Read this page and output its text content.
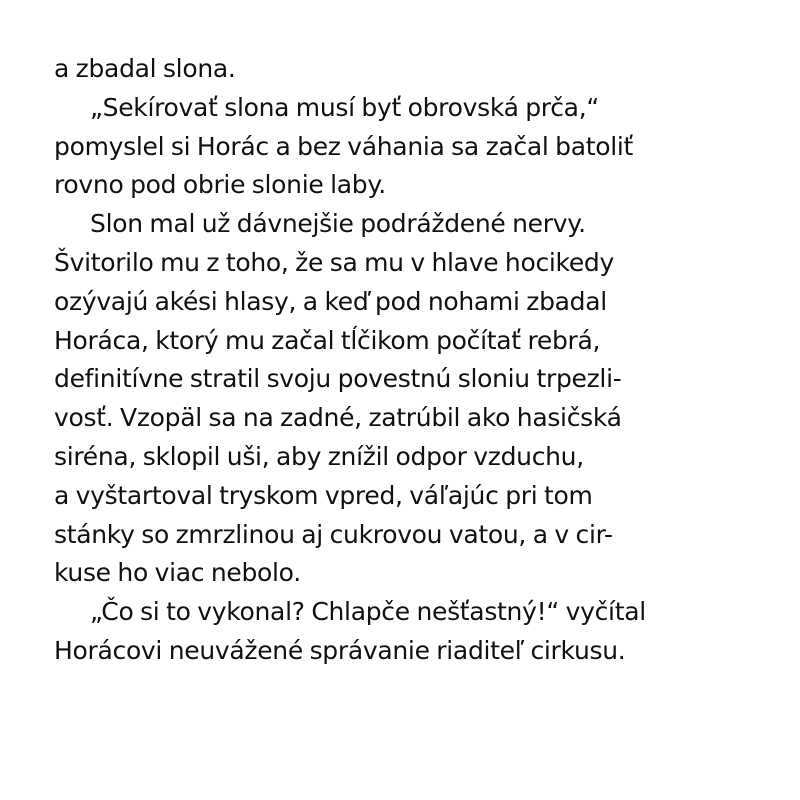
a zbadal slona.
„Sekírovať slona musí byť obrovská prča,“
pomyslel si Horác a bez váhania sa začal batoliť
rovno pod obrie slonie laby.
Slon mal už dávnejšie podráždené nervy.
Švitorilo mu z toho, že sa mu v hlave hocikedy
ozývajú akési hlasy, a keď pod nohami zbadal
Horáca, ktorý mu začal tĺčikom počítať rebrá,
definitívne stratil svoju povestnú sloniu trpezli-
vosť. Vzopäl sa na zadné, zatrúbil ako hasičská
siréna, sklopil uši, aby znížil odpor vzduchu,
a vyštartoval tryskom vpred, váľajúc pri tom
stánky so zmrzlinou aj cukrovou vatou, a v cir-
kuse ho viac nebolo.
„Čo si to vykonal? Chlapče nešťastný!“ vyčítal
Horácovi neuvážené správanie riaditeľ cirkusu.
